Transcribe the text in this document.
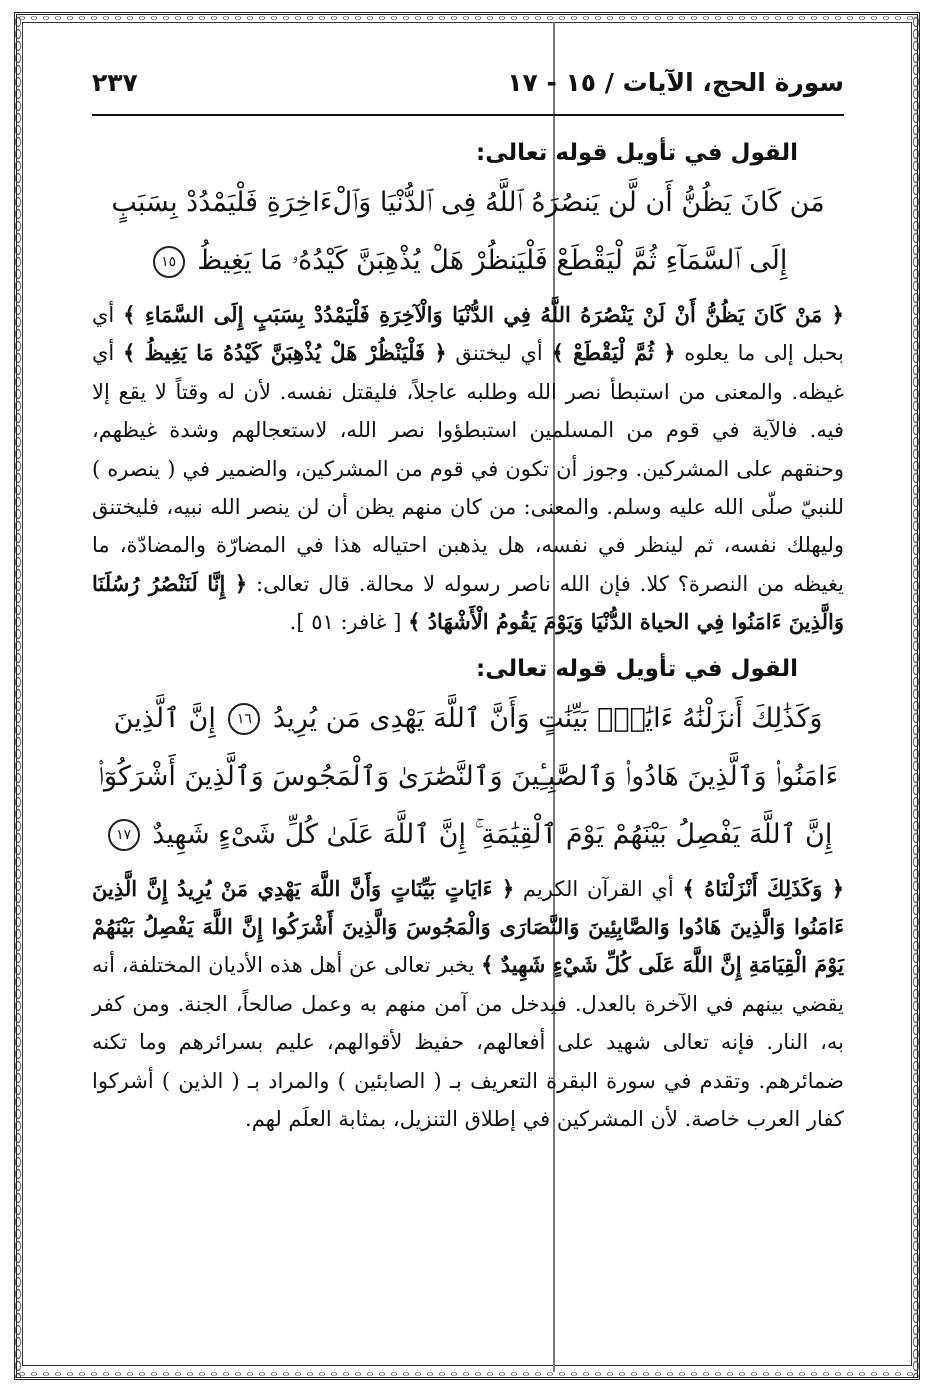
سورة الحج، الآيات / ١٥ - ١٧
٢٣٧
القول في تأويل قوله تعالى:
مَن كَانَ يَظُنُّ أَن لَّن يَنصُرَهُ ٱللَّهُ فِى ٱلدُّنْيَا وَٱلْءَاخِرَةِ فَلْيَمْدُدْ بِسَبَبٍ إِلَى ٱلسَّمَآءِ ثُمَّ لْيَقْطَعْ فَلْيَنظُرْ هَلْ يُذْهِبَنَّ كَيْدُهُۥ مَا يَغِيظُ ١٥

﴿ مَنْ كَانَ يَظُنُّ أَنْ لَنْ يَنْصُرَهُ اللَّهُ فِي الدُّنْيَا وَالْآخِرَةِ فَلْيَمْدُدْ بِسَبَبٍ إِلَى السَّمَاءِ ﴾ أي بحبل إلى ما يعلوه ﴿ ثُمَّ لْيَقْطَعْ ﴾ أي ليختنق ﴿ فَلْيَنْظُرْ هَلْ يُذْهِبَنَّ كَيْدُهُ مَا يَغِيظُ ﴾ أي غيظه. والمعنى من استبطأ نصر الله وطلبه عاجلاً، فليقتل نفسه. لأن له وقتاً لا يقع إلا فيه. فالآية في قوم من المسلمين استبطؤوا نصر الله، لاستعجالهم وشدة غيظهم، وحنقهم على المشركين. وجوز أن تكون في قوم من المشركين، والضمير في ( ينصره ) للنبيّ صلّى الله عليه وسلم. والمعنى: من كان منهم يظن أن لن ينصر الله نبيه، فليختنق وليهلك نفسه، ثم لينظر في نفسه، هل يذهبن احتياله هذا في المضارّة والمضادّة، ما يغيظه من النصرة؟ كلا. فإن الله ناصر رسوله لا محالة. قال تعالى: ﴿ إِنَّا لَنَنْصُرُ رُسُلَنَا وَالَّذِينَ ءَامَنُوا فِي الحياة الدُّنْيَا وَيَوْمَ يَقُومُ الْأَشْهَادُ ﴾ [ غافر: ٥١ ].

القول في تأويل قوله تعالى:
وَكَذَٰلِكَ أَنزَلْنَٰهُ ءَايَٰتٍۭ بَيِّنَٰتٍ وَأَنَّ ٱللَّهَ يَهْدِى مَن يُرِيدُ ١٦ إِنَّ ٱلَّذِينَ ءَامَنُوا۟ وَٱلَّذِينَ هَادُوا۟ وَٱلصَّٰبِـِٔينَ وَٱلنَّصَٰرَىٰ وَٱلْمَجُوسَ وَٱلَّذِينَ أَشْرَكُوٓا۟ إِنَّ ٱللَّهَ يَفْصِلُ بَيْنَهُمْ يَوْمَ ٱلْقِيَٰمَةِ ۚ إِنَّ ٱللَّهَ عَلَىٰ كُلِّ شَىْءٍ شَهِيدٌ ١٧

﴿ وَكَذَلِكَ أَنْزَلْنَاهُ ﴾ أي القرآن الكريم ﴿ ءَايَاتٍ بَيِّنَاتٍ وَأَنَّ اللَّهَ يَهْدِي مَنْ يُرِيدُ إِنَّ الَّذِينَ ءَامَنُوا وَالَّذِينَ هَادُوا وَالصَّابِئِينَ وَالنَّصَارَى وَالْمَجُوسَ وَالَّذِينَ أَشْرَكُوا إِنَّ اللَّهَ يَفْصِلُ بَيْنَهُمْ يَوْمَ الْقِيَامَةِ إِنَّ اللَّهَ عَلَى كُلِّ شَيْءٍ شَهِيدٌ ﴾ يخبر تعالى عن أهل هذه الأديان المختلفة، أنه يقضي بينهم في الآخرة بالعدل. فيدخل من آمن منهم به وعمل صالحاً، الجنة. ومن كفر به، النار. فإنه تعالى شهيد على أفعالهم، حفيظ لأقوالهم، عليم بسرائرهم وما تكنه ضمائرهم. وتقدم في سورة البقرة التعريف بـ ( الصابئين ) والمراد بـ ( الذين ) أشركوا كفار العرب خاصة. لأن المشركين في إطلاق التنزيل، بمثابة العلَم لهم.
